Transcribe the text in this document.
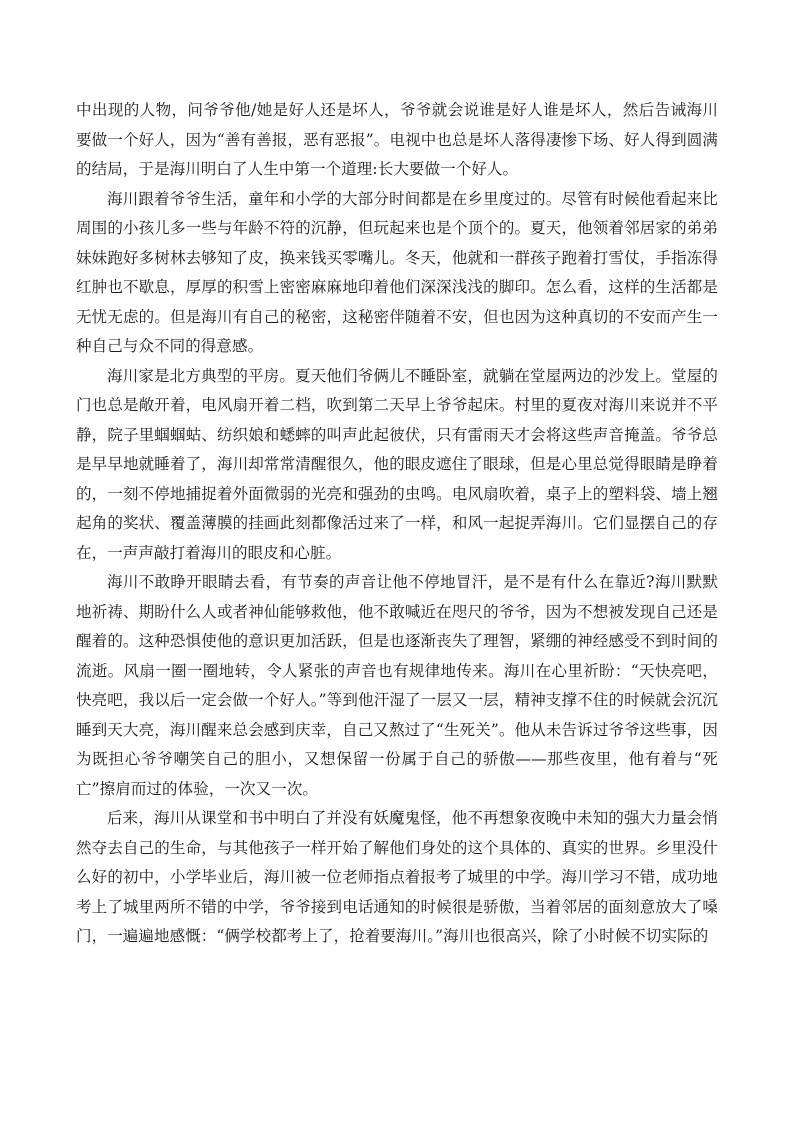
中出现的人物，问爷爷他/她是好人还是坏人，爷爷就会说谁是好人谁是坏人，然后告诫海川要做一个好人，因为“善有善报，恶有恶报”。电视中也总是坏人落得凄惨下场、好人得到圆满的结局，于是海川明白了人生中第一个道理:长大要做一个好人。

海川跟着爷爷生活，童年和小学的大部分时间都是在乡里度过的。尽管有时候他看起来比周围的小孩儿多一些与年龄不符的沉静，但玩起来也是个顶个的。夏天，他领着邻居家的弟弟妹妹跑好多树林去够知了皮，换来钱买零嘴儿。冬天，他就和一群孩子跑着打雪仗，手指冻得红肿也不歇息，厚厚的积雪上密密麻麻地印着他们深深浅浅的脚印。怎么看，这样的生活都是无忧无虑的。但是海川有自己的秘密，这秘密伴随着不安，但也因为这种真切的不安而产生一种自己与众不同的得意感。

海川家是北方典型的平房。夏天他们爷俩儿不睡卧室，就躺在堂屋两边的沙发上。堂屋的门也总是敞开着，电风扇开着二档，吹到第二天早上爷爷起床。村里的夏夜对海川来说并不平静，院子里蝈蝈蛄、纺织娘和蟋蟀的叫声此起彼伏，只有雷雨天才会将这些声音掩盖。爷爷总是早早地就睡着了，海川却常常清醒很久，他的眼皮遮住了眼球，但是心里总觉得眼睛是睁着的，一刻不停地捕捉着外面微弱的光亮和强劲的虫鸣。电风扇吹着，桌子上的塑料袋、墙上翘起角的奖状、覆盖薄膜的挂画此刻都像活过来了一样，和风一起捉弄海川。它们显摆自己的存在，一声声敲打着海川的眼皮和心脏。

海川不敢睁开眼睛去看，有节奏的声音让他不停地冒汗，是不是有什么在靠近?海川默默地祈祷、期盼什么人或者神仙能够救他，他不敢喊近在咫尺的爷爷，因为不想被发现自己还是醒着的。这种恐惧使他的意识更加活跃，但是也逐渐丧失了理智，紧绷的神经感受不到时间的流逝。风扇一圈一圈地转，令人紧张的声音也有规律地传来。海川在心里祈盼：“天快亮吧，快亮吧，我以后一定会做一个好人。”等到他汗湿了一层又一层，精神支撑不住的时候就会沉沉睡到天大亮，海川醒来总会感到庆幸，自己又熬过了“生死关”。他从未告诉过爷爷这些事，因为既担心爷爷嘲笑自己的胆小，又想保留一份属于自己的骄傲——那些夜里，他有着与“死亡”擦肩而过的体验，一次又一次。

后来，海川从课堂和书中明白了并没有妖魔鬼怪，他不再想象夜晚中未知的强大力量会悄然夺去自己的生命，与其他孩子一样开始了解他们身处的这个具体的、真实的世界。乡里没什么好的初中，小学毕业后，海川被一位老师指点着报考了城里的中学。海川学习不错，成功地考上了城里两所不错的中学，爷爷接到电话通知的时候很是骄傲，当着邻居的面刻意放大了嗓门，一遍遍地感慨：“俩学校都考上了，抢着要海川。”海川也很高兴，除了小时候不切实际的
